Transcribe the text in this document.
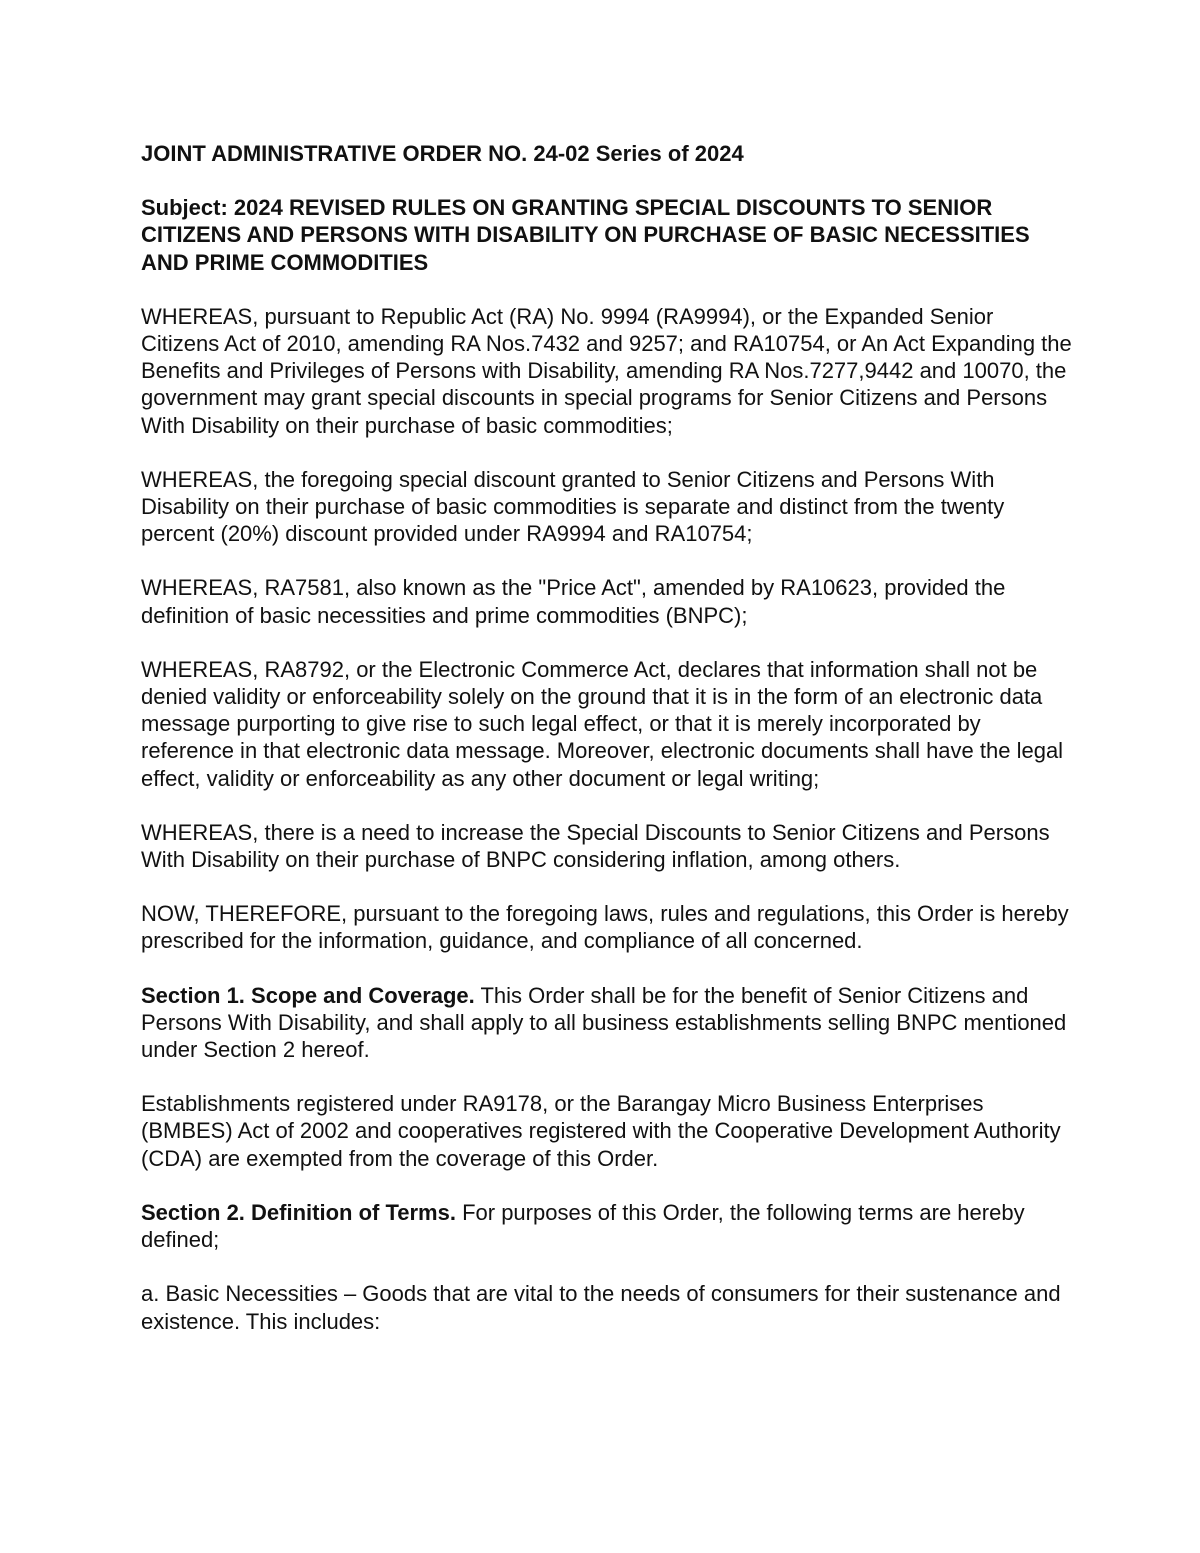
JOINT ADMINISTRATIVE ORDER NO. 24-02 Series of 2024
Subject: 2024 REVISED RULES ON GRANTING SPECIAL DISCOUNTS TO SENIOR CITIZENS AND PERSONS WITH DISABILITY ON PURCHASE OF BASIC NECESSITIES AND PRIME COMMODITIES

WHEREAS, pursuant to Republic Act (RA) No. 9994 (RA9994), or the Expanded Senior Citizens Act of 2010, amending RA Nos.7432 and 9257; and RA10754, or An Act Expanding the Benefits and Privileges of Persons with Disability, amending RA Nos.7277,9442 and 10070, the government may grant special discounts in special programs for Senior Citizens and Persons With Disability on their purchase of basic commodities;

WHEREAS, the foregoing special discount granted to Senior Citizens and Persons With Disability on their purchase of basic commodities is separate and distinct from the twenty percent (20%) discount provided under RA9994 and RA10754;

WHEREAS, RA7581, also known as the "Price Act", amended by RA10623, provided the definition of basic necessities and prime commodities (BNPC);

WHEREAS, RA8792, or the Electronic Commerce Act, declares that information shall not be denied validity or enforceability solely on the ground that it is in the form of an electronic data message purporting to give rise to such legal effect, or that it is merely incorporated by reference in that electronic data message. Moreover, electronic documents shall have the legal effect, validity or enforceability as any other document or legal writing;

WHEREAS, there is a need to increase the Special Discounts to Senior Citizens and Persons With Disability on their purchase of BNPC considering inflation, among others.

NOW, THEREFORE, pursuant to the foregoing laws, rules and regulations, this Order is hereby prescribed for the information, guidance, and compliance of all concerned.

Section 1. Scope and Coverage. This Order shall be for the benefit of Senior Citizens and Persons With Disability, and shall apply to all business establishments selling BNPC mentioned under Section 2 hereof.

Establishments registered under RA9178, or the Barangay Micro Business Enterprises (BMBES) Act of 2002 and cooperatives registered with the Cooperative Development Authority (CDA) are exempted from the coverage of this Order.

Section 2. Definition of Terms. For purposes of this Order, the following terms are hereby defined;

a. Basic Necessities – Goods that are vital to the needs of consumers for their sustenance and existence. This includes:
